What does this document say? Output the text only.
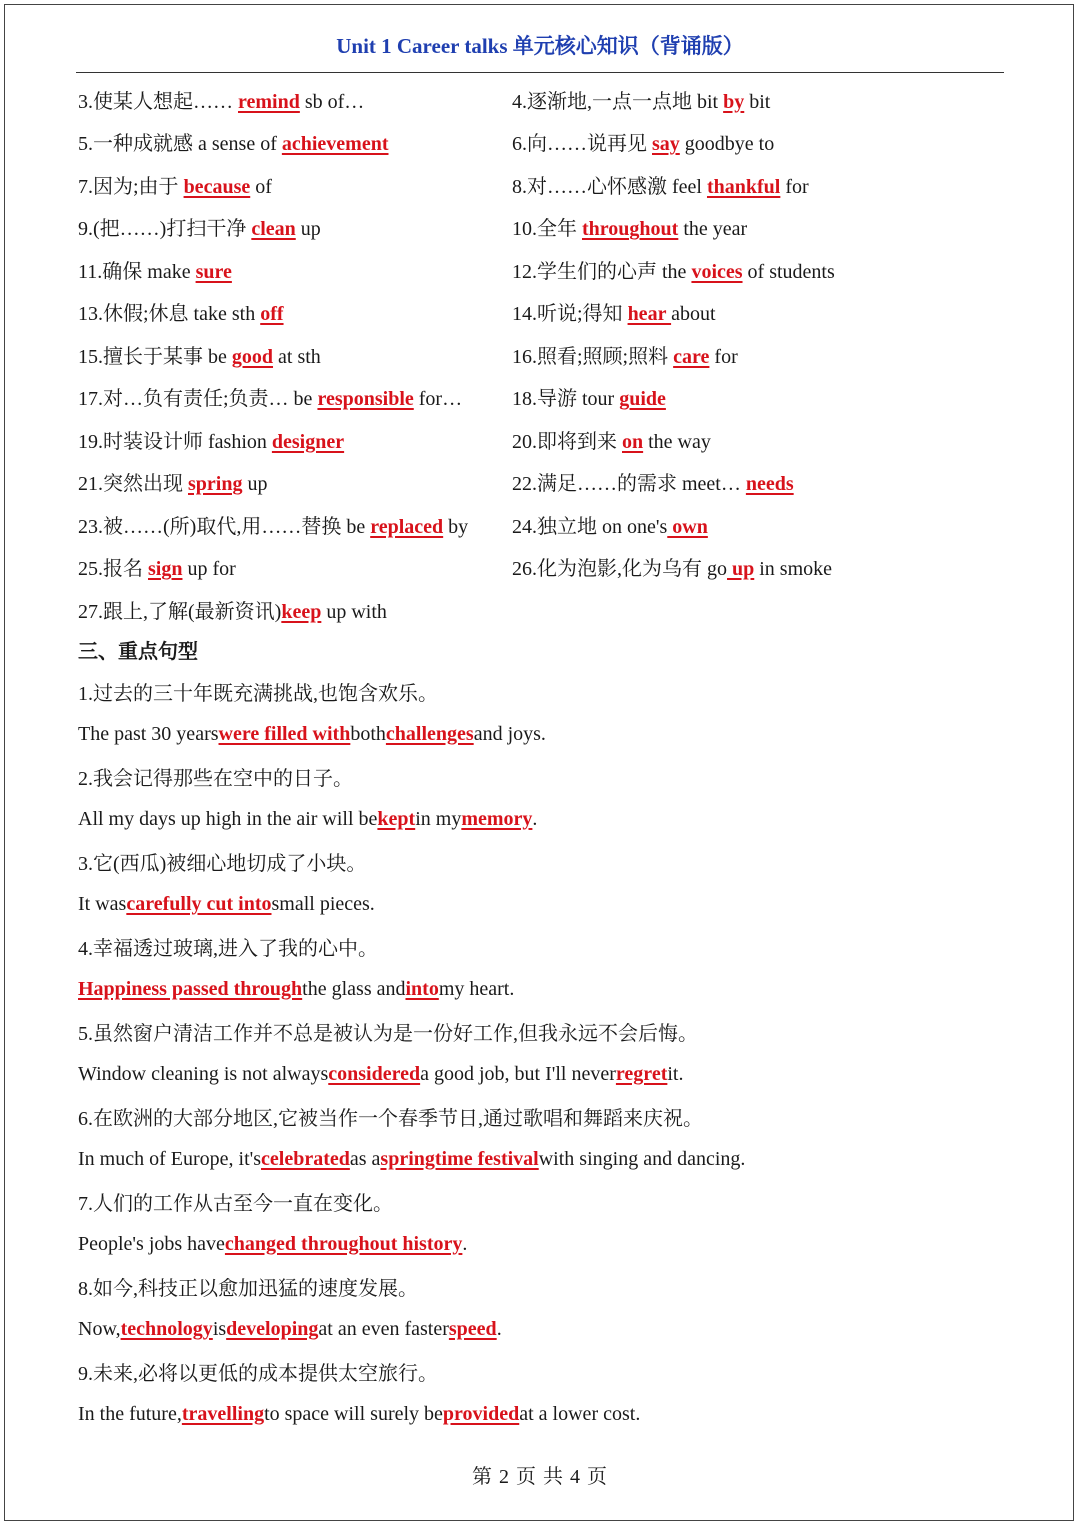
Unit 1 Career talks 单元核心知识（背诵版）
3.使某人想起…… remind sb of…	4.逐渐地,一点一点地 bit by bit
5.一种成就感 a sense of achievement	6.向……说再见 say goodbye to
7.因为;由于 because of	8.对……心怀感激 feel thankful for
9.(把……)打扫干净 clean up	10.全年 throughout the year
11.确保 make sure	12.学生们的心声 the voices of students
13.休假;休息 take sth off	14.听说;得知 hear about
15.擅长于某事 be good at sth	16.照看;照顾;照料 care for
17.对…负有责任;负责… be responsible for…	18.导游 tour guide
19.时装设计师 fashion designer	20.即将到来 on the way
21.突然出现 spring up	22.满足……的需求 meet… needs
23.被……(所)取代,用……替换 be replaced by	24.独立地 on one's own
25.报名 sign up for	26.化为泡影,化为乌有 go up in smoke
27.跟上,了解(最新资讯)keep up with
三、重点句型
1.过去的三十年既充满挑战,也饱含欢乐。
The past 30 years were filled with both challenges and joys.
2.我会记得那些在空中的日子。
All my days up high in the air will be kept in my memory .
3.它(西瓜)被细心地切成了小块。
It was carefully cut into small pieces.
4.幸福透过玻璃,进入了我的心中。
Happiness passed through the glass and into my heart.
5.虽然窗户清洁工作并不总是被认为是一份好工作,但我永远不会后悔。
Window cleaning is not always considered a good job, but I'll never regret it.
6.在欧洲的大部分地区,它被当作一个春季节日,通过歌唱和舞蹈来庆祝。
In much of Europe, it's celebrated as a springtime festival with singing and dancing.
7.人们的工作从古至今一直在变化。
People's jobs have changed throughout history .
8.如今,科技正以愈加迅猛的速度发展。
Now, technology is developing at an even faster speed .
9.未来,必将以更低的成本提供太空旅行。
In the future, travelling to space will surely be provided at a lower cost.
第 2 页 共 4 页
